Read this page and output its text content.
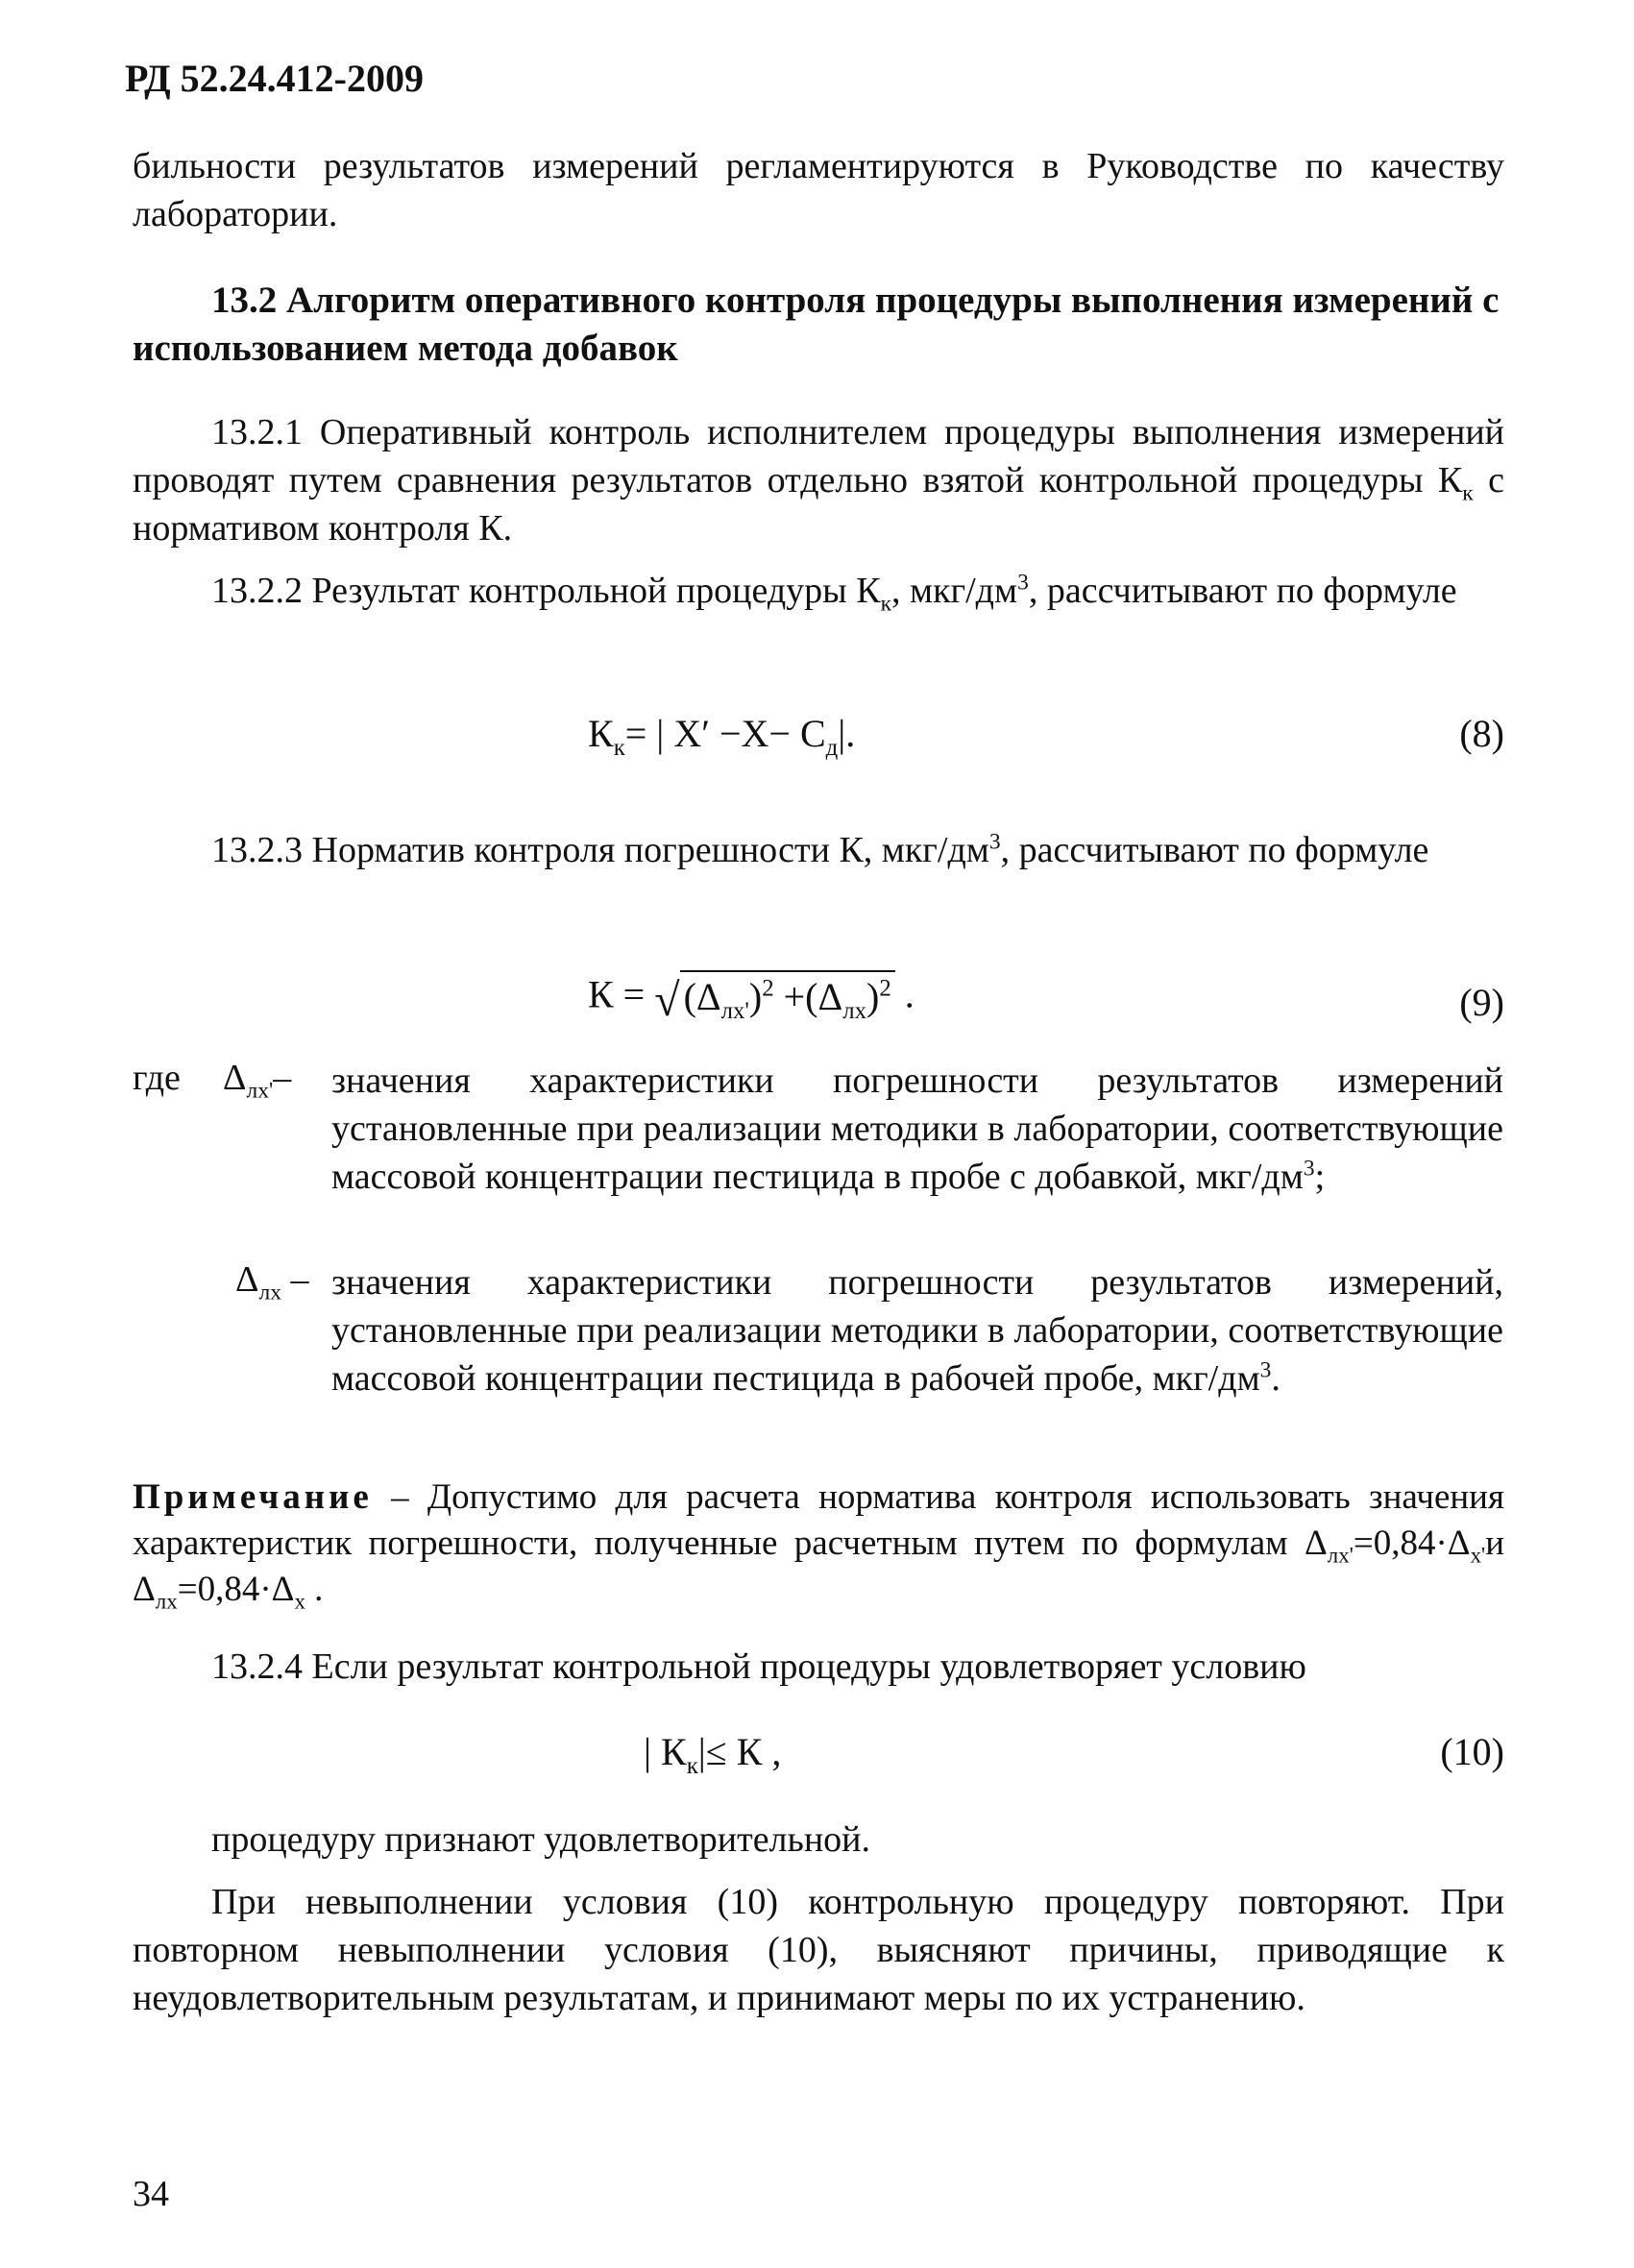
РД 52.24.412-2009
бильности результатов измерений регламентируются в Руководстве по качеству лаборатории.
13.2 Алгоритм оперативного контроля процедуры выполнения измерений с использованием метода добавок
13.2.1 Оперативный контроль исполнителем процедуры выполнения измерений проводят путем сравнения результатов отдельно взятой контрольной процедуры $К_к$ с нормативом контроля К.
13.2.2 Результат контрольной процедуры $К_к$, мкг/$дм^3$, рассчитывают по формуле
$К_к=$ | $X' -X- C_д|$.	(8)
13.2.3 Норматив контроля погрешности К, мкг/$дм^3$, рассчитывают по формуле
К = √ $(\Delta_{лх'})^2 +(\Delta_{лх})^2$ .	(9)
где $\Delta_{лх'}-$ значения характеристики погрешности результатов измерений установленные при реализации методики в лаборатории, соответствующие массовой концентрации пестицида в пробе с добавкой, мкг/$дм^3$;
$\Delta_{лх}$ – значения характеристики погрешности результатов измерений, установленные при реализации методики в лаборатории, соответствующие массовой концентрации пестицида в рабочей пробе, мкг/$дм^3$.
Примечание – Допустимо для расчета норматива контроля использовать значения характеристик погрешности, полученные расчетным путем по формулам $\Delta_{лх'}=0,84\cdot\Delta_{х'}и$ $\Delta_{лх}=0,84\cdot\Delta_х$ .
13.2.4 Если результат контрольной процедуры удовлетворяет условию
| $К_к|\le К$ ,	(10)
процедуру признают удовлетворительной.
При невыполнении условия (10) контрольную процедуру повторяют. При повторном невыполнении условия (10), выясняют причины, приводящие к неудовлетворительным результатам, и принимают меры по их устранению.
34
